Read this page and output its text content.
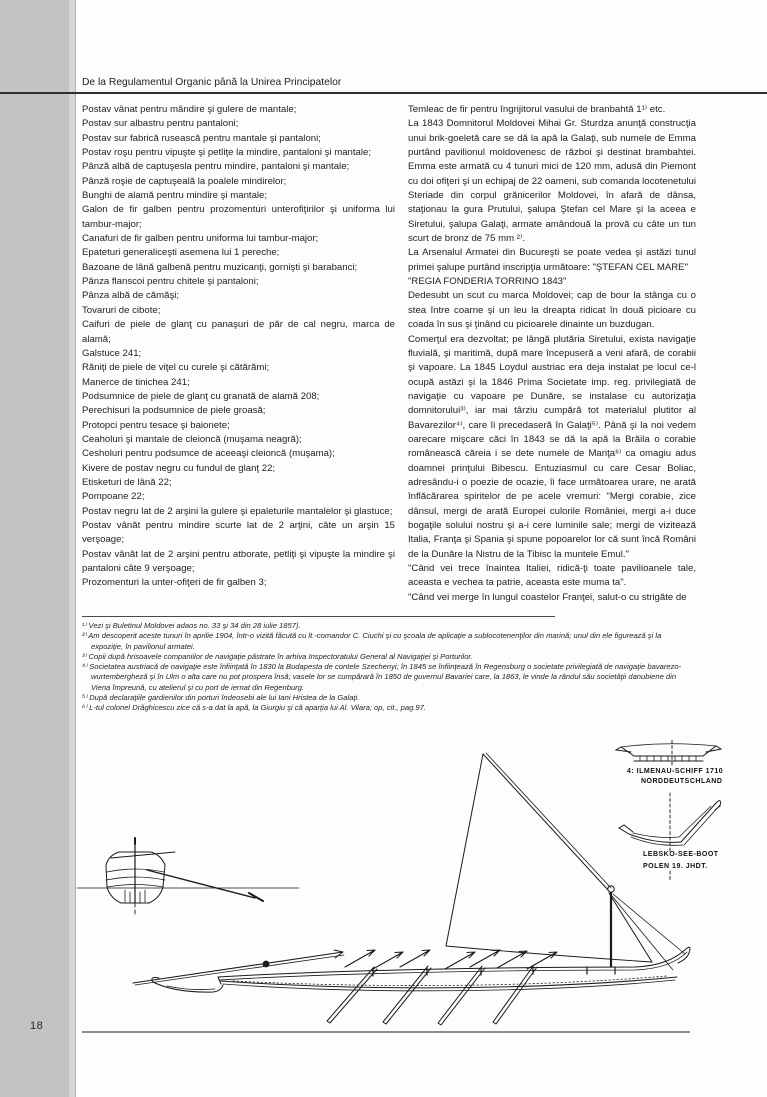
18
De la Regulamentul Organic până la Unirea Principatelor
Postav vânat pentru mândire şi gulere de mantale;
Postav sur albastru pentru pantaloni;
Postav sur fabrică rusească pentru mantale şi pantaloni;
Postav roşu pentru vipuşte şi petliţe la mindire, pantaloni şi mantale;
Pânză albă de captuşesla pentru mindire, pantaloni şi mantale;
Pânză roşie de captuşeală la poalele mindirelor;
Bunghi de alamă pentru mindire şi mantale;
Galon de fir galben pentru prozomenturi unterofiţirilor şi uniforma lui tambur-major;
Canafuri de fir galben pentru uniforma lui tambur-major;
Epateturi generaliceşti asemena lui 1 pereche;
Bazoane de lână galbenă pentru muzicanţi, gornişti şi barabanci;
Pânza flanscoi pentru chitele şi pantaloni;
Pânza albă de cămăşi;
Tovaruri de cibote;
Caifuri de piele de glanţ cu panaşuri de păr de cal negru, marca de alamă;
Galstuce 241;
Răniţi de piele de viţel cu curele şi cătărămi;
Manerce de tinichea 241;
Podsumnice de piele de glanţ cu granată de alamă 208;
Perechisuri la podsumnice de piele groasă;
Protopci pentru tesace şi baionete;
Ceaholuri şi mantale de cleioncă (muşama neagră);
Cesholuri pentru podsumce de aceeaşi cleioncă (muşama);
Kivere de postav negru cu fundul de glanţ 22;
Etisketuri de lână 22;
Pompoane 22;
Postav negru lat de 2 arşini la gulere şi epaleturile mantalelor şi glastuce;
Postav vânăt pentru mindire scurte lat de 2 arţini, câte un arşin 15 verşoage;
Postav vânăt lat de 2 arşini pentru atborate, petliţi şi vipuşte la mindire şi pantaloni câte 9 verşoage;
Prozomenturi la unter-ofiţeri de fir galben 3;
Temleac de fir pentru îngrijitorul vasului de branbahtă 1¹⁾ etc.
La 1843 Domnitorul Moldovei Mihai Gr. Sturdza anunţă construcţia unui brik-goeletă care se dă la apă la Galaţi, sub numele de Emma purtând pavilionul moldovenesc de război şi destinat brambahtei. Emma este armată cu 4 tunuri mici de 120 mm, adusă din Piemont cu doi ofiţeri şi un echipaj de 22 oameni, sub comanda locotenetului Steriade din corpul grănicerilor Moldovei, în afară de dânsa, staţionau la gura Prutului, şalupa Ştefan cel Mare şi la aceea e Siretului, şalupa Galaţi, armate amândouă la provă cu câte un tun scurt de bronz de 75 mm ²⁾.
La Arsenalul Armatei din Bucureşti se poate vedea şi astăzi tunul primei şalupe purtând inscripţia următoare: "ŞTEFAN CEL MARE"
"REGIA FONDERIA TORRINO 1843"
Dedesubt un scut cu marca Moldovei; cap de bour la stânga cu o stea între coarne şi un leu la dreapta ridicat în două picioare cu coada în sus şi ţinând cu picioarele dinainte un buzdugan.
Comerţul era dezvoltat; pe lângă plutăria Siretului, exista navigaţie fluvială, şi maritimă, după mare începuseră a veni afară, de corabii şi vapoare. La 1845 Loydul austriac era deja instalat pe locul ce-l ocupă astăzi şi la 1846 Prima Societate imp. reg. privilegiată de navigaţie cu vapoare pe Dunăre, se instalase cu autorizaţia domnitorului³⁾, iar mai târziu cumpără tot materialul plutitor al Bavarezilor⁴⁾, care îi precedaseră în Galaţi⁵⁾. Până şi la noi vedem oarecare mişcare căci în 1843 se dă la apă la Brăila o corabie românească căreia i se dete numele de Mariţa⁶⁾ ca omagiu adus doamnei prinţului Bibescu. Entuziasmul cu care Cesar Boliac, adresându-i o poezie de ocazie, îi face următoarea urare, ne arată înflăcărarea spiritelor de pe acele vremuri: "Mergi corabie, zice dânsul, mergi de arată Europei culorile României, mergi a-i duce bogaţile solului nostru şi a-i cere luminile sale; mergi de vizitează Italia, Franţa şi Spania şi spune popoarelor lor că sunt încă Români de la Dunăre la Nistru de la Tibisc la muntele Emul."
"Când vei trece înaintea Italiei, ridică-ţi toate pavilioanele tale, aceasta e vechea ta patrie, aceasta este muma ta".
"Când vei merge în lungul coastelor Franţei, salut-o cu strigăte de
¹⁾ Vezi şi Buletinul Moldovei adaos no. 33 şi 34 din 28 iulie 1857).
²⁾ Am descoperit aceste tunuri în aprilie 1904, într-o vizită făcută cu lt.-comandor C. Ciuchi şi cu şcoala de aplicaţie a sublocotenenţilor din marină; unul din ele figurează şi la expoziţie, în pavilionul armatei.
³⁾ Copii după hrisoavele companiilor de navigaţie păstrate în arhiva Inspectoratului General al Navigaţiei şi Porturilor.
⁴⁾ Societatea austriacă de navigaţie este înfiinţată în 1830 la Budapesta de contele Szechenyi; în 1845 se înfiinţează în Regensburg o societate privilegiată de navigaţie bavarezo-wurtembergheză şi în Ulm o alta care nu pot prospera însă; vasele lor se cumpărară în 1850 de guvernul Bavariei care, la 1863, le vinde la rândul său societăţii danubiene din Viena împreună, cu atelierul şi cu port de iernat din Regenburg.
⁵⁾ După declaraţiile gardienilor din porturi îndeosebi ale lui Iani Hristea de la Galaţi.
⁶⁾ L-tul colonel Drăghicescu zice că s-a dat la apă, la Giurgiu şi că aparţia lui Al. Vilara; op, cit., pag.97.
4: ILMENAU-SCHIFF 1710
NORDDEUTSCHLAND
LEBSKO-SEE-BOOT
POLEN 19. JHDT.
